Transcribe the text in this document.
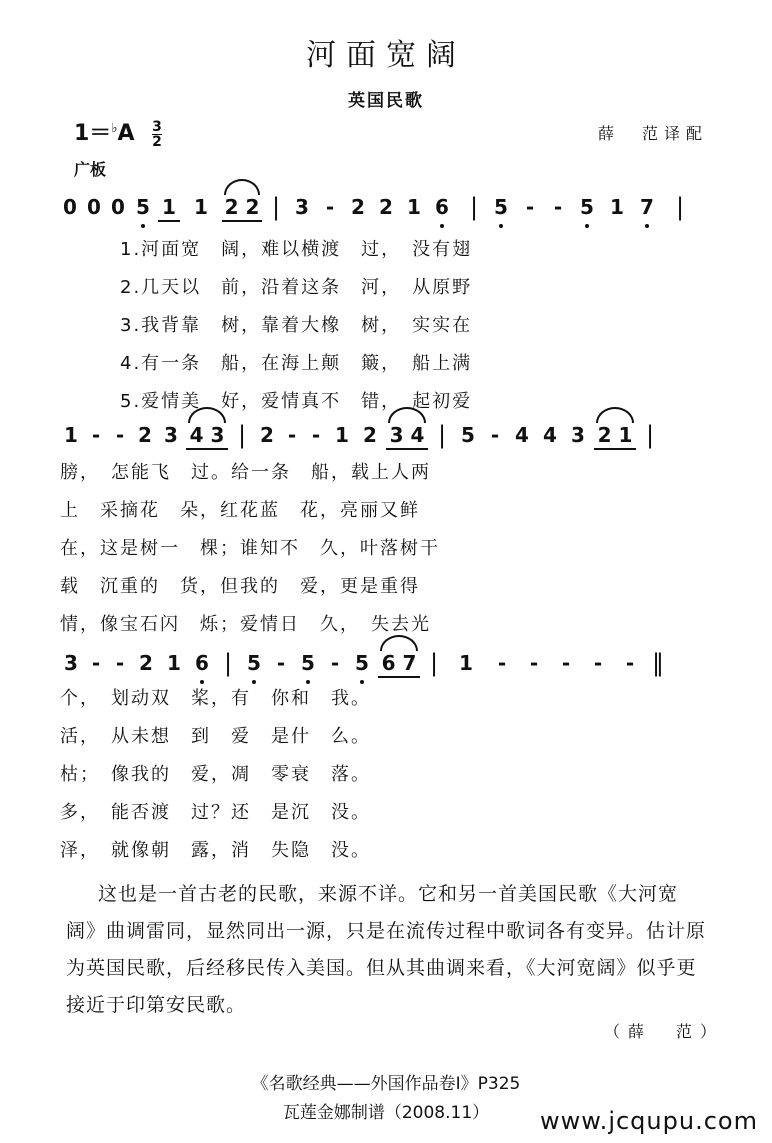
河面宽阔
英国民歌
$1=^♭A \frac{3}{2}$	薛　范译配
广板
0 0 0 5 1 1 2 2 | 3 - 2 2 1 6 | 5 - - 5 1 7 |
1.河面宽　阔，难以横渡　过，　没有翅
2.几天以　前，沿着这条　河，　从原野
3.我背靠　树，靠着大橡　树，　实实在
4.有一条　船，在海上颠　簸，　船上满
5.爱情美　好，爱情真不　错，　起初爱
1 - - 2 3 4 3 | 2 - - 1 2 3 4 | 5 - 4 4 3 2 1 |
膀，　怎能飞　过。给一条　船，载上人两
上　采摘花　朵，红花蓝　花，亮丽又鲜
在，这是树一　棵；谁知不　久，叶落树干
载　沉重的　货，但我的　爱，更是重得
情，像宝石闪　烁；爱情日　久，　失去光
3 - - 2 1 6 | 5 - 5 - 5 6 7 |	1	-	-	-	-	- ‖
个，　划动双　桨，有　你和　我。
活，　从未想　到　爱　是什　么。
枯；　像我的　爱，凋　零衰　落。
多，　能否渡　过？还　是沉　没。
泽，　就像朝　露，消　失隐　没。
这也是一首古老的民歌，来源不详。它和另一首美国民歌《大河宽阔》曲调雷同，显然同出一源，只是在流传过程中歌词各有变异。估计原为英国民歌，后经移民传入美国。但从其曲调来看，《大河宽阔》似乎更接近于印第安民歌。
（薛　范）
《名歌经典——外国作品卷Ⅰ》P325
瓦莲金娜制谱（2008.11）	www.jcqupu.com
